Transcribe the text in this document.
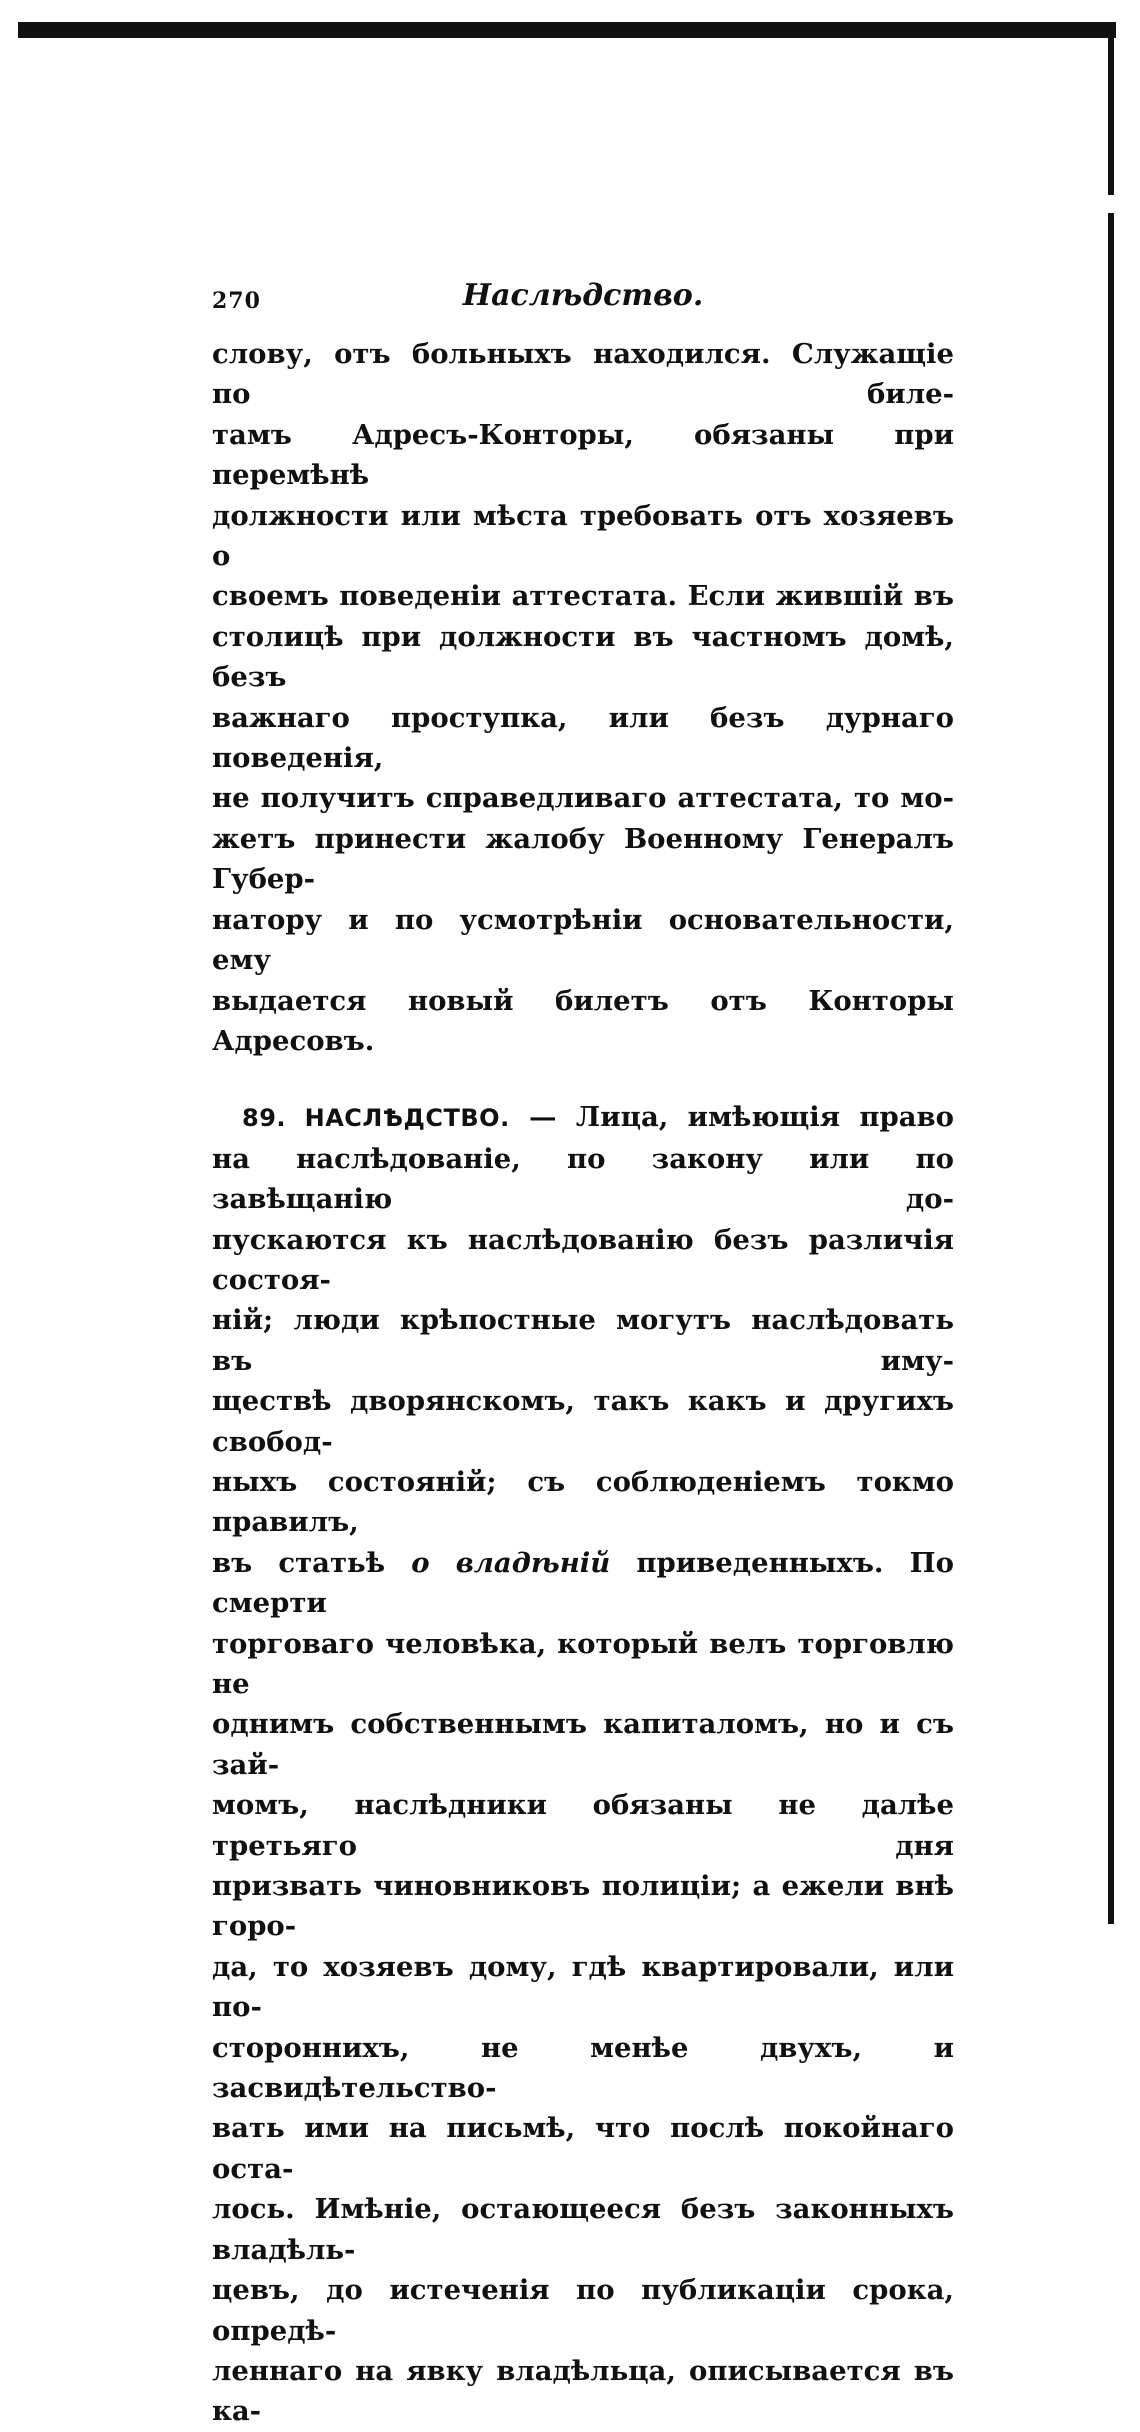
270	Наслѣдство.

слову, отъ больныхъ находился. Служащіе по биле-

тамъ Адресъ-Конторы, обязаны при перемѣнѣ

должности или мѣста требовать отъ хозяевъ о

своемъ поведеніи аттестата. Если жившій въ

столицѣ при должности въ частномъ домѣ, безъ

важнаго проступка, или безъ дурнаго поведенія,

не получитъ справедливаго аттестата, то мо-

жетъ принести жалобу Военному Генералъ Губер-

натору и по усмотрѣніи основательности, ему

выдается новый билетъ отъ Конторы Адресовъ.

89. НАСЛѢДСТВО. — Лица, имѣющія право

на наслѣдованіе, по закону или по завѣщанію до-

пускаются къ наслѣдованію безъ различія состоя-

ній; люди крѣпостные могутъ наслѣдовать въ иму-

ществѣ дворянскомъ, такъ какъ и другихъ свобод-

ныхъ состояній; съ соблюденіемъ токмо правилъ,

въ статьѣ о владѣній приведенныхъ. По смерти

торговаго человѣка, который велъ торговлю не

однимъ собственнымъ капиталомъ, но и съ зай-

момъ, наслѣдники обязаны не далѣе третьяго дня

призвать чиновниковъ полиціи; а ежели внѣ горо-

да, то хозяевъ дому, гдѣ квартировали, или по-

стороннихъ, не менѣе двухъ, и засвидѣтельство-

вать ими на письмѣ, что послѣ покойнаго оста-

лось. Имѣніе, остающееся безъ законныхъ владѣль-

цевъ, до истеченія по публикаціи срока, опредѣ-

леннаго на явку владѣльца, описывается въ ка-
